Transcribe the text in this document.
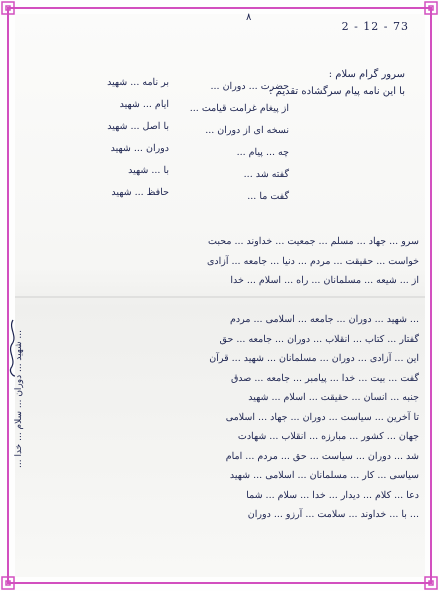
۸
2 - 12 - 73
سرور گرام سلام :
با این نامه پیام سرگشاده تقدیم :
حضرت ... دوران ...
از پیغام غرامت قیامت ...
نسخه ای از دوران ...
چه ... پیام ...
گفته شد ...
گفت ما ...
بر نامه ... شهید
ایام ... شهید
با اصل ... شهید
دوران ... شهید
با ... شهید
حافظ ... شهید
سرو ... جهاد ... مسلم ... جمعیت ... خداوند ... محبت
خواست ... حقیقت ... مردم ... دنیا ... جامعه ... آزادی
از ... شیعه ... مسلمانان ... راه ... اسلام ... خدا
... شهید ... دوران ... جامعه ... اسلامی ... مردم
گفتار ... کتاب ... انقلاب ... دوران ... جامعه ... حق
این ... آزادی ... دوران ... مسلمانان ... شهید ... قرآن
گفت ... بیت ... خدا ... پیامبر ... جامعه ... صدق
جنبه ... انسان ... حقیقت ... اسلام ... شهید
تا آخرین ... سیاست ... دوران ... جهاد ... اسلامی
جهان ... کشور ... مبارزه ... انقلاب ... شهادت
شد ... دوران ... سیاست ... حق ... مردم ... امام
سیاسی ... کار ... مسلمانان ... اسلامی ... شهید
دعا ... کلام ... دیدار ... خدا ... سلام ... شما
... با ... خداوند ... سلامت ... آرزو ... دوران
... شهید ... دوران ... سلام ... خدا ...
